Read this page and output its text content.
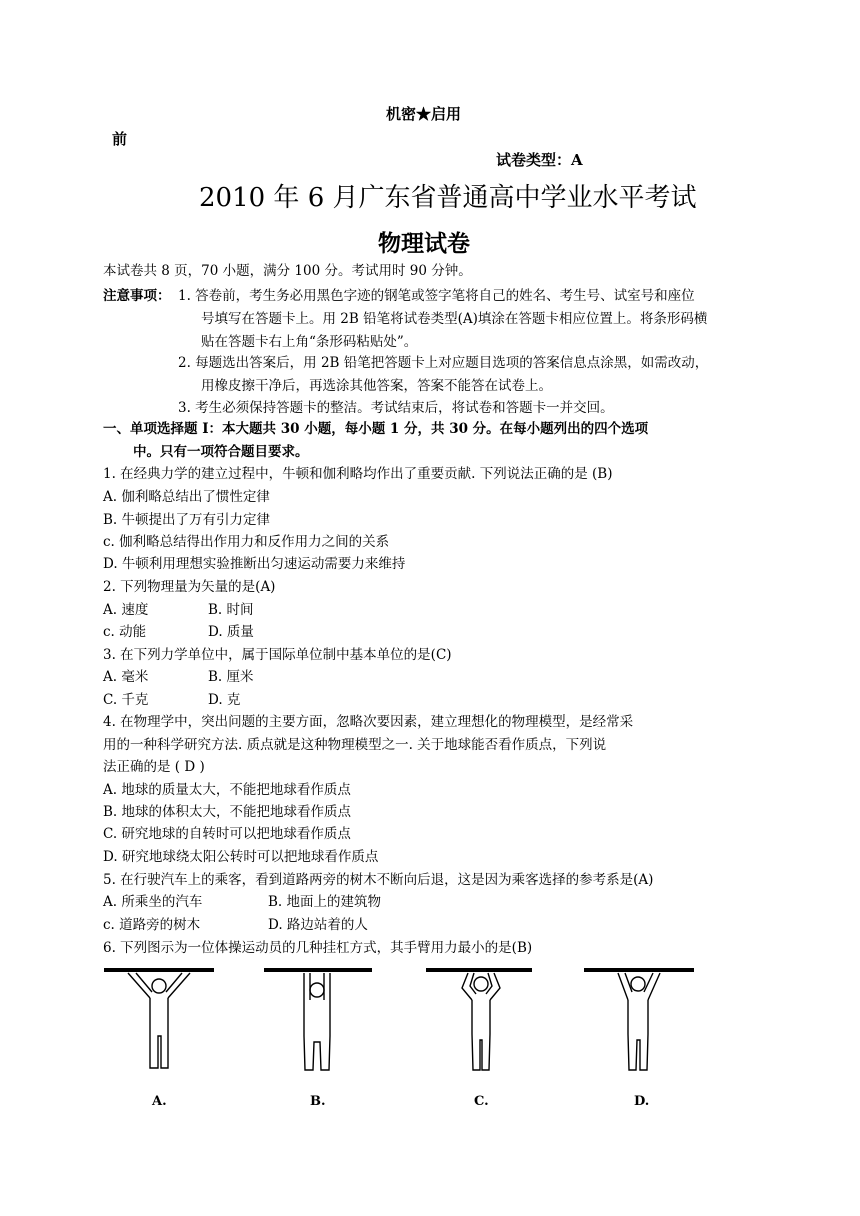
机密★启用
前
试卷类型：A
2010 年 6 月广东省普通高中学业水平考试
物理试卷
本试卷共 8 页，70 小题，满分 100 分。考试用时 90 分钟。
注意事项： 1. 答卷前，考生务必用黑色字迹的钢笔或签字笔将自己的姓名、考生号、试室号和座位
号填写在答题卡上。用 2B 铅笔将试卷类型(A)填涂在答题卡相应位置上。将条形码横
贴在答题卡右上角“条形码粘贴处”。
2. 每题选出答案后，用 2B 铅笔把答题卡上对应题目选项的答案信息点涂黑，如需改动，
用橡皮擦干净后，再选涂其他答案，答案不能答在试卷上。
3. 考生必须保持答题卡的整洁。考试结束后，将试卷和答题卡一并交回。
一、单项选择题 I：本大题共 30 小题，每小题 1 分，共 30 分。在每小题列出的四个选项
中。只有一项符合题目要求。
1. 在经典力学的建立过程中，牛顿和伽利略均作出了重要贡献. 下列说法正确的是 (B)
A. 伽利略总结出了惯性定律
B. 牛顿提出了万有引力定律
c. 伽利略总结得出作用力和反作用力之间的关系
D. 牛顿利用理想实验推断出匀速运动需要力来维持
2. 下列物理量为矢量的是(A)
A. 速度	B. 时间
c. 动能	D. 质量
3. 在下列力学单位中，属于国际单位制中基本单位的是(C)
A. 毫米	B. 厘米
C. 千克	D. 克
4. 在物理学中，突出问题的主要方面，忽略次要因素，建立理想化的物理模型，是经常采
用的一种科学研究方法. 质点就是这种物理模型之一. 关于地球能否看作质点，下列说
法正确的是 ( D )
A. 地球的质量太大，不能把地球看作质点
B. 地球的体积太大，不能把地球看作质点
C. 研究地球的自转时可以把地球看作质点
D. 研究地球绕太阳公转时可以把地球看作质点
5. 在行驶汽车上的乘客，看到道路两旁的树木不断向后退，这是因为乘客选择的参考系是(A)
A. 所乘坐的汽车	B. 地面上的建筑物
c. 道路旁的树木	D. 路边站着的人
6. 下列图示为一位体操运动员的几种挂杠方式，其手臂用力最小的是(B)
A.	B.	C.	D.
